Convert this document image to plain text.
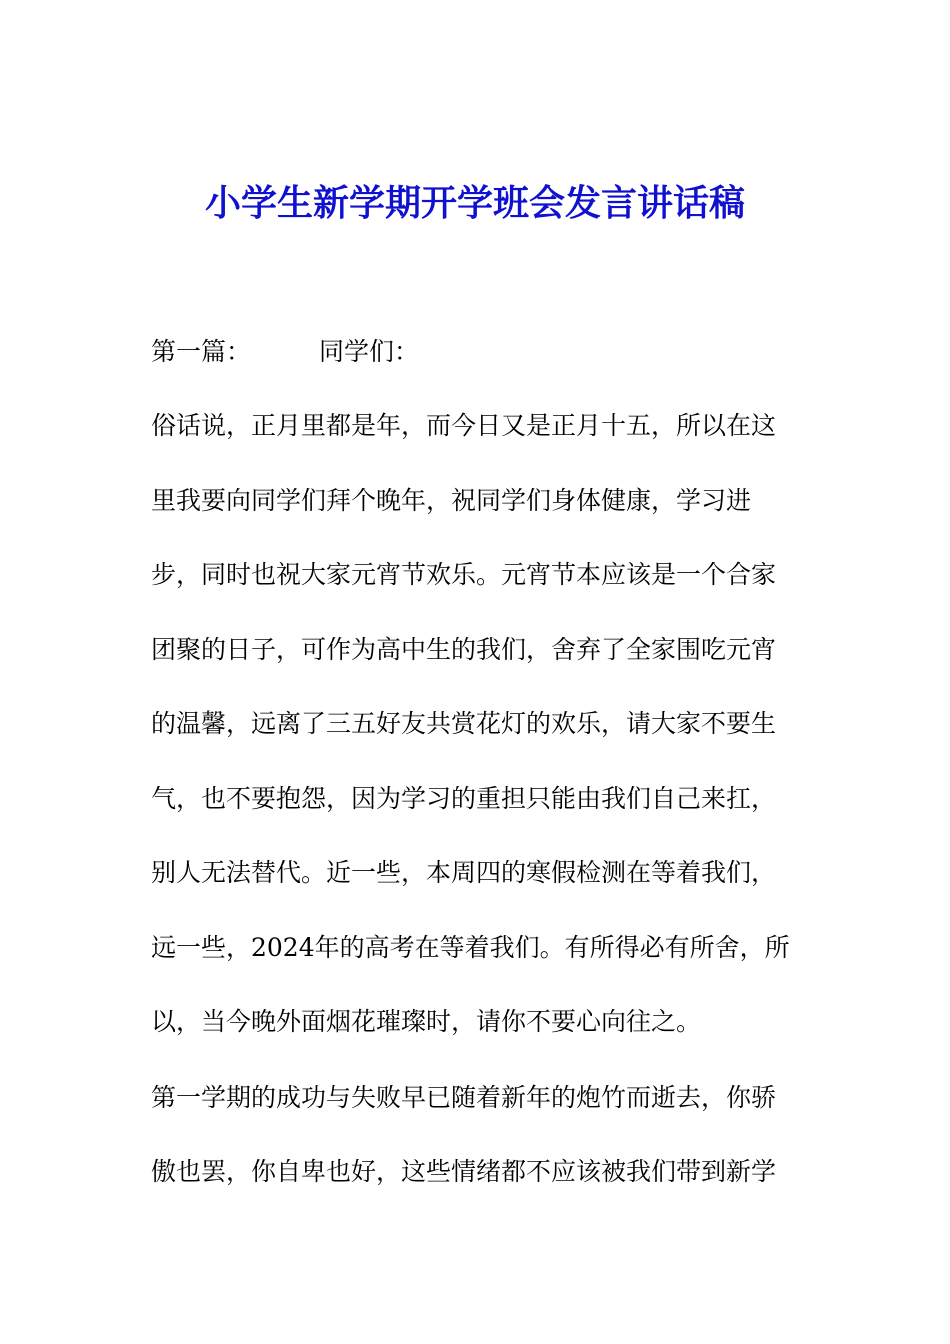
小学生新学期开学班会发言讲话稿
第一篇：	同学们：
俗话说，正月里都是年，而今日又是正月十五，所以在这
里我要向同学们拜个晚年，祝同学们身体健康，学习进
步，同时也祝大家元宵节欢乐。元宵节本应该是一个合家
团聚的日子，可作为高中生的我们，舍弃了全家围吃元宵
的温馨，远离了三五好友共赏花灯的欢乐，请大家不要生
气，也不要抱怨，因为学习的重担只能由我们自己来扛，
别人无法替代。近一些，本周四的寒假检测在等着我们，
远一些，2024年的高考在等着我们。有所得必有所舍，所
以，当今晚外面烟花璀璨时，请你不要心向往之。
第一学期的成功与失败早已随着新年的炮竹而逝去，你骄
傲也罢，你自卑也好，这些情绪都不应该被我们带到新学
